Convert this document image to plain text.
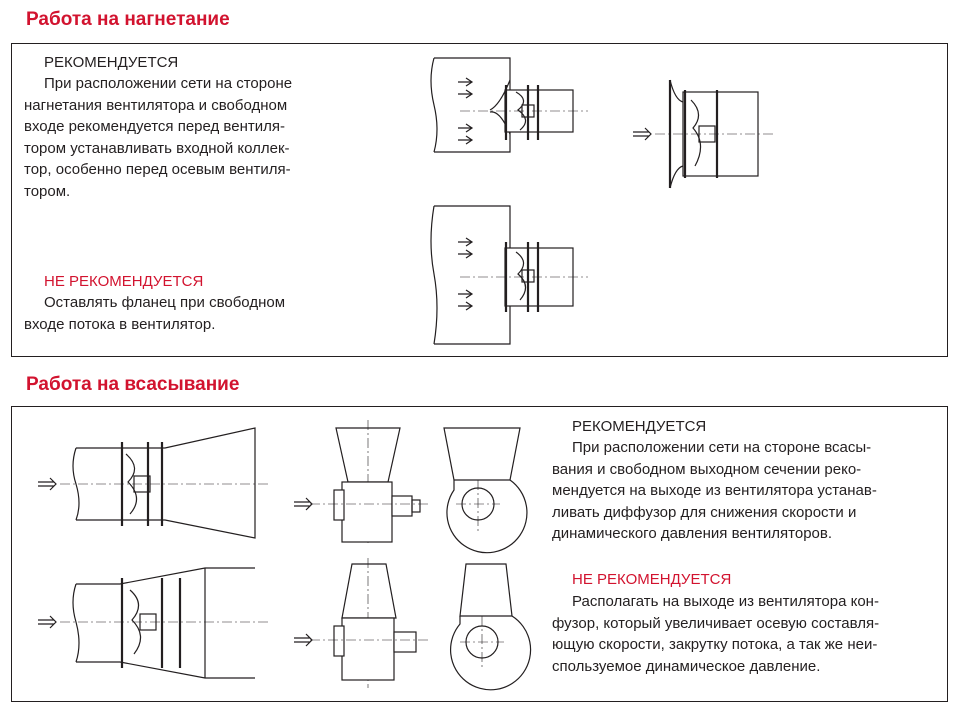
Работа на нагнетание

РЕКОМЕНДУЕТСЯ

При расположении сети на стороне
нагнетания вентилятора и свободном
входе рекомендуется перед вентиля-
тором устанавливать входной коллек-
тор, особенно перед осевым вентиля-
тором.

НЕ РЕКОМЕНДУЕТСЯ

Оставлять фланец при свободном
входе потока в вентилятор.
Работа на всасывание

РЕКОМЕНДУЕТСЯ

При расположении сети на стороне всасы-
вания и свободном выходном сечении реко-
мендуется на выходе из вентилятора устанав-
ливать диффузор для снижения скорости и
динамического давления вентиляторов.

НЕ РЕКОМЕНДУЕТСЯ

Располагать на выходе из вентилятора кон-
фузор, который увеличивает осевую составля-
ющую скорости, закрутку потока, а так же неи-
спользуемое динамическое давление.
